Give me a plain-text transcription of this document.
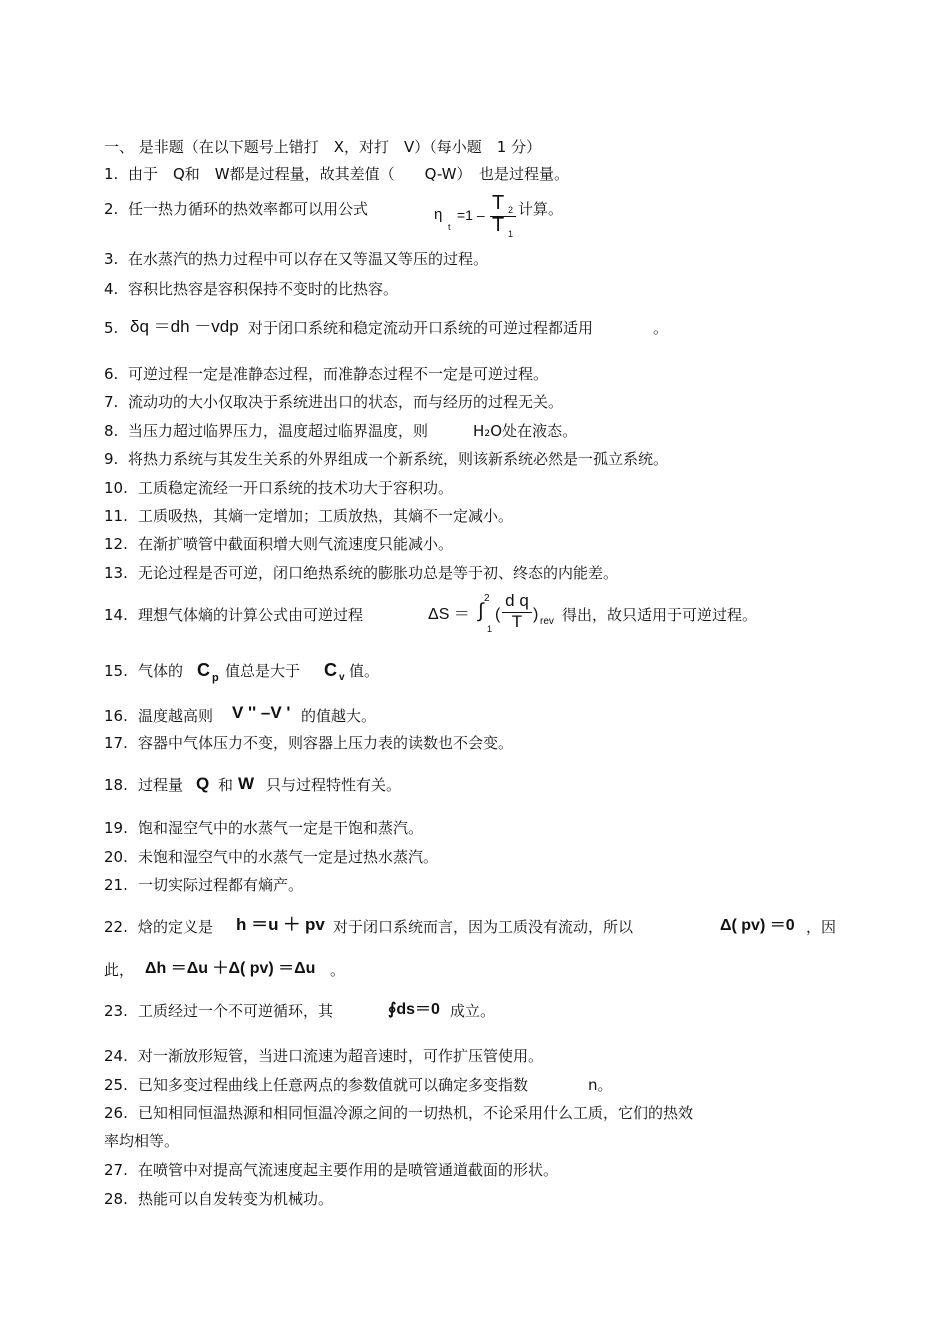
一、 是非题（在以下题号上错打　X，对打　V）（每小题　1 分）
1. 由于　Q和　W都是过程量，故其差值（　　Q-W）　也是过程量。
2. 任一热力循环的热效率都可以用公式	η
t
=1 –
T 2
T 1
计算。
3. 在水蒸汽的热力过程中可以存在又等温又等压的过程。
4. 容积比热容是容积保持不变时的比热容。
5. δq ＝dh －vdp 对于闭口系统和稳定流动开口系统的可逆过程都适用　　　　。
6. 可逆过程一定是准静态过程，而准静态过程不一定是可逆过程。
7. 流动功的大小仅取决于系统进出口的状态，而与经历的过程无关。
8. 当压力超过临界压力，温度超过临界温度，则　　　H₂O处在液态。
9. 将热力系统与其发生关系的外界组成一个新系统，则该新系统必然是一孤立系统。
10. 工质稳定流经一开口系统的技术功大于容积功。
11. 工质吸热，其熵一定增加；工质放热，其熵不一定减小。
12. 在渐扩喷管中截面积增大则气流速度只能减小。
13. 无论过程是否可逆，闭口绝热系统的膨胀功总是等于初、终态的内能差。
14. 理想气体熵的计算公式由可逆过程	ΔS ＝
2
∫
1
(
d q
T ) rev 得出，故只适用于可逆过程。
15. 气体的 C p 值总是大于 C v 值。
16. 温度越高则 V '' –V ' 的值越大。
17. 容器中气体压力不变，则容器上压力表的读数也不会变。
18. 过程量 Q 和 W 只与过程特性有关。
19. 饱和湿空气中的水蒸气一定是干饱和蒸汽。
20. 未饱和湿空气中的水蒸气一定是过热水蒸汽。
21. 一切实际过程都有熵产。
22. 焓的定义是 h ＝u ＋ pv 对于闭口系统而言，因为工质没有流动，所以	Δ( pv) ＝0 ，因
此， Δh ＝Δu ＋Δ( pv) ＝Δu 。
23. 工质经过一个不可逆循环，其	∮ds＝0 成立。
24. 对一渐放形短管，当进口流速为超音速时，可作扩压管使用。
25. 已知多变过程曲线上任意两点的参数值就可以确定多变指数　　　　n。
26. 已知相同恒温热源和相同恒温冷源之间的一切热机，不论采用什么工质，它们的热效
率均相等。
27. 在喷管中对提高气流速度起主要作用的是喷管通道截面的形状。
28. 热能可以自发转变为机械功。
